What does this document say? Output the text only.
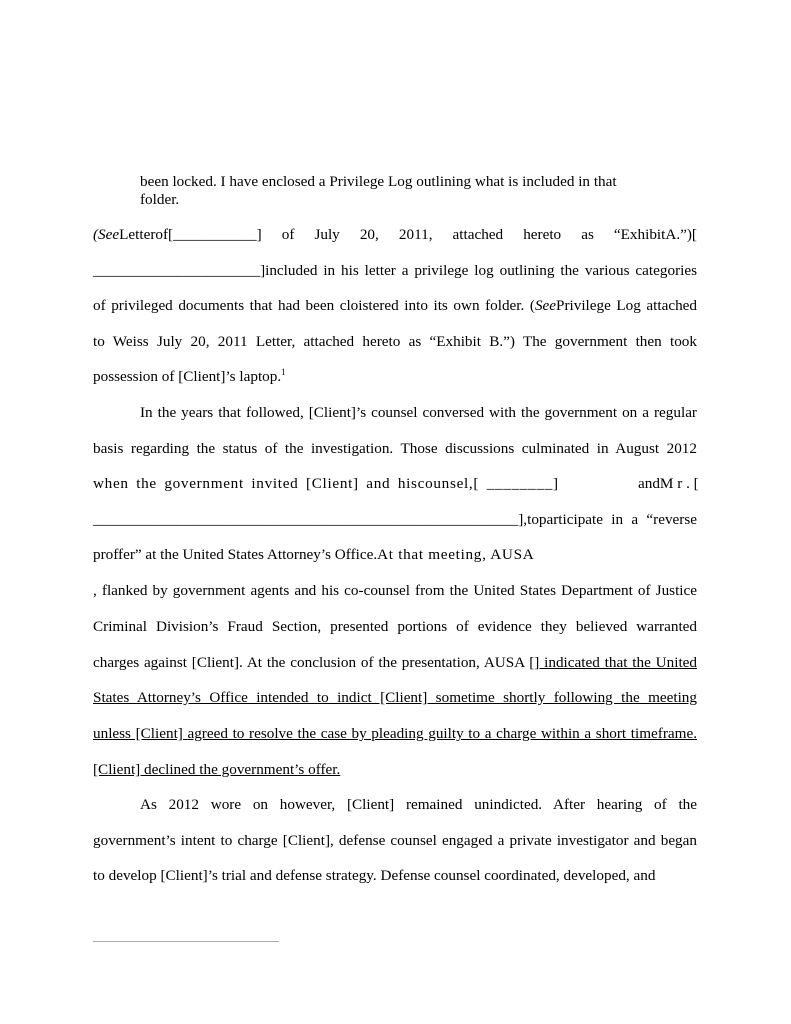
been locked. I have enclosed a Privilege Log outlining what is included in that
folder.
(SeeLetterof[___________] of July 20, 2011, attached hereto as “ExhibitA.”)[
______________________]included in his letter a privilege log outlining the various categories
of privileged documents that had been cloistered into its own folder. (SeePrivilege Log attached
to Weiss July 20, 2011 Letter, attached hereto as “Exhibit B.”) The government then took
possession of [Client]’s laptop.$^1$
In the years that followed, [Client]’s counsel conversed with the government on a regular
basis regarding the status of the investigation. Those discussions culminated in August 2012
when the government invited [Client] and hiscounsel,[ ________]	andM r . [
________________________________________________________],toparticipate in a “reverse
proffer” at the United States Attorney’s Office.At that meeting, AUSA
, flanked by government agents and his co-counsel from the United States Department of Justice
Criminal Division’s Fraud Section, presented portions of evidence they believed warranted
charges against [Client]. At the conclusion of the presentation, AUSA [] indicated that the United
States Attorney’s Office intended to indict [Client] sometime shortly following the meeting
unless [Client] agreed to resolve the case by pleading guilty to a charge within a short timeframe.
[Client] declined the government’s offer.
As 2012 wore on however, [Client] remained unindicted. After hearing of the
government’s intent to charge [Client], defense counsel engaged a private investigator and began
to develop [Client]’s trial and defense strategy. Defense counsel coordinated, developed, and
